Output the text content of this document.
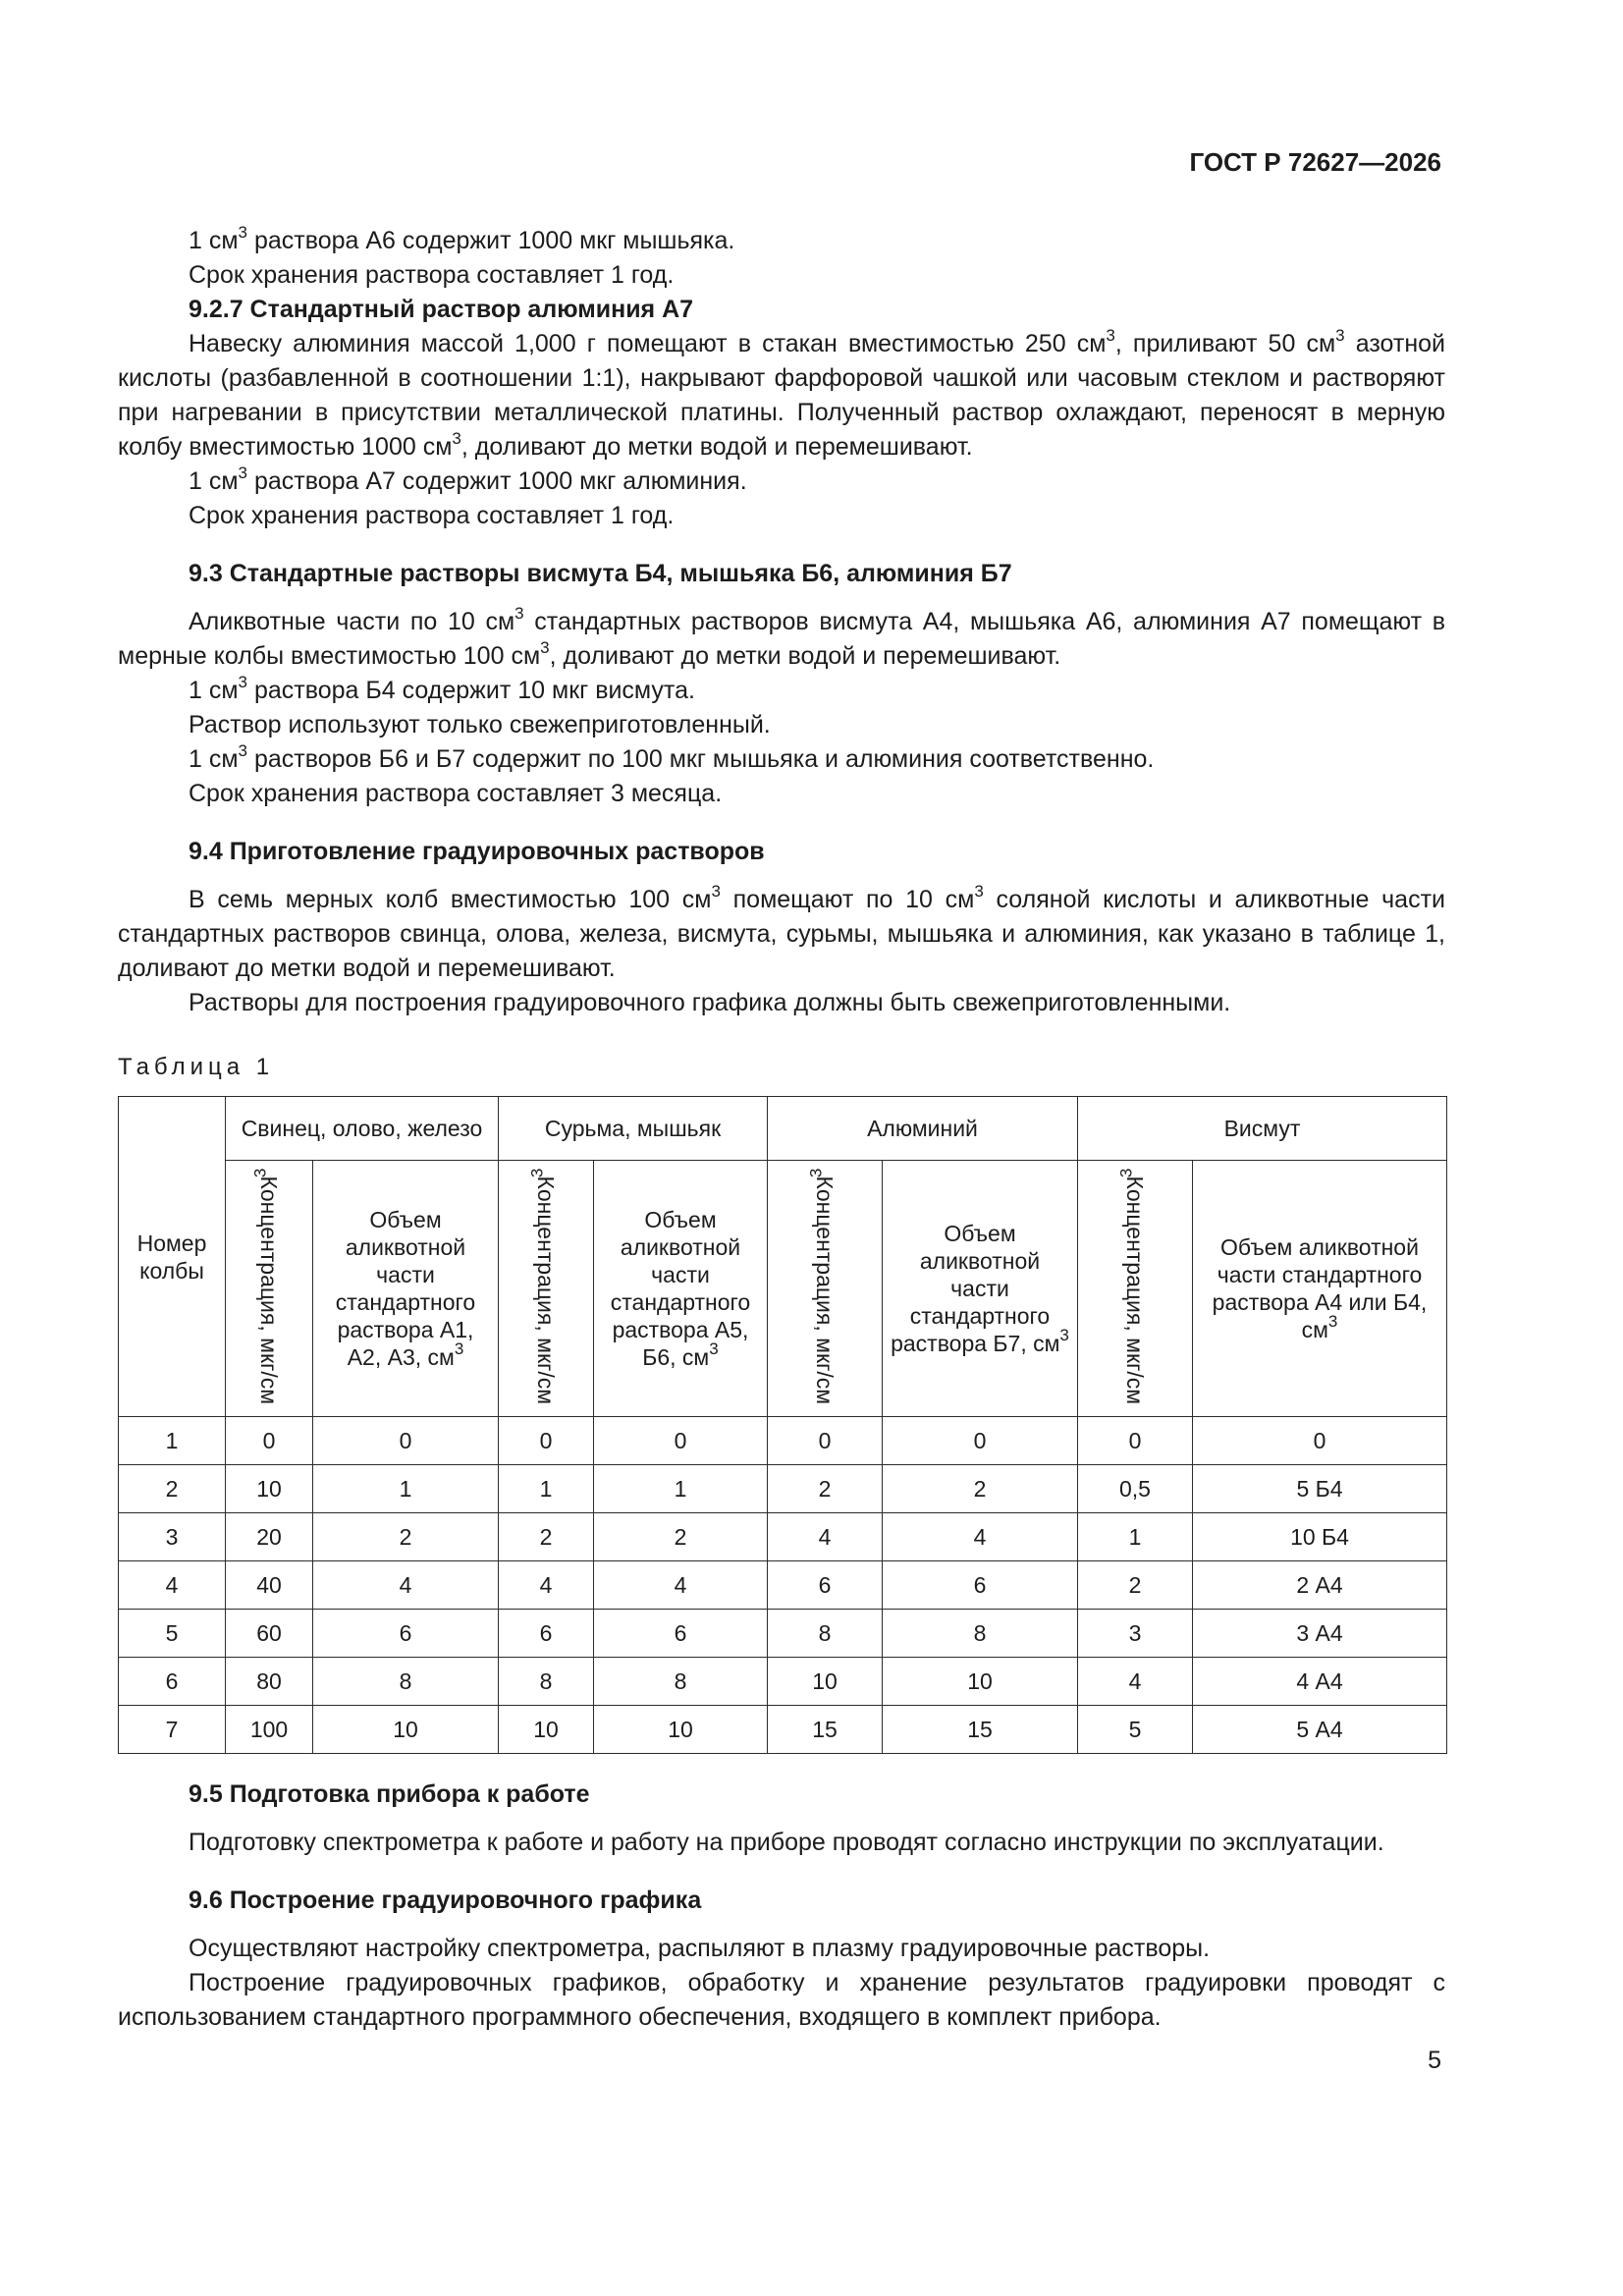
ГОСТ Р 72627—2026

1 $см^3$ раствора А6 содержит 1000 мкг мышьяка.

Срок хранения раствора составляет 1 год.

9.2.7 Стандартный раствор алюминия А7

Навеску алюминия массой 1,000 г помещают в стакан вместимостью 250 $см^3$, приливают 50 $см^3$ азотной кислоты (разбавленной в соотношении 1:1), накрывают фарфоровой чашкой или часовым стеклом и растворяют при нагревании в присутствии металлической платины. Полученный раствор охлаждают, переносят в мерную колбу вместимостью 1000 $см^3$, доливают до метки водой и перемешивают.

1 $см^3$ раствора А7 содержит 1000 мкг алюминия.

Срок хранения раствора составляет 1 год.

9.3 Стандартные растворы висмута Б4, мышьяка Б6, алюминия Б7

Аликвотные части по 10 $см^3$ стандартных растворов висмута А4, мышьяка А6, алюминия А7 помещают в мерные колбы вместимостью 100 $см^3$, доливают до метки водой и перемешивают.

1 $см^3$ раствора Б4 содержит 10 мкг висмута.

Раствор используют только свежеприготовленный.

1 $см^3$ растворов Б6 и Б7 содержит по 100 мкг мышьяка и алюминия соответственно.

Срок хранения раствора составляет 3 месяца.

9.4 Приготовление градуировочных растворов

В семь мерных колб вместимостью 100 $см^3$ помещают по 10 $см^3$ соляной кислоты и аликвотные части стандартных растворов свинца, олова, железа, висмута, сурьмы, мышьяка и алюминия, как указано в таблице 1, доливают до метки водой и перемешивают.

Растворы для построения градуировочного графика должны быть свежеприготовленными.

Таблица 1
Номер колбы	Свинец, олово, железо		Сурьма, мышьяк		Алюминий		Висмут	
	Концентрация, мкг/$см^3$	Объем аликвотной части стандартного раствора А1, А2, А3, $см^3$	Концентрация, мкг/$см^3$	Объем аликвотной части стандартного раствора А5, Б6, $см^3$	Концентрация, мкг/$см^3$	Объем аликвотной части стандартного раствора Б7, $см^3$	Концентрация, мкг/$см^3$	Объем аликвотной части стандартного раствора А4 или Б4, $см^3$
1	0	0	0	0	0	0	0	0
2	10	1	1	1	2	2	0,5	5 Б4
3	20	2	2	2	4	4	1	10 Б4
4	40	4	4	4	6	6	2	2 А4
5	60	6	6	6	8	8	3	3 А4
6	80	8	8	8	10	10	4	4 А4
7	100	10	10	10	15	15	5	5 А4

9.5 Подготовка прибора к работе

Подготовку спектрометра к работе и работу на приборе проводят согласно инструкции по эксплуатации.

9.6 Построение градуировочного графика

Осуществляют настройку спектрометра, распыляют в плазму градуировочные растворы.

Построение градуировочных графиков, обработку и хранение результатов градуировки проводят с использованием стандартного программного обеспечения, входящего в комплект прибора.

5
